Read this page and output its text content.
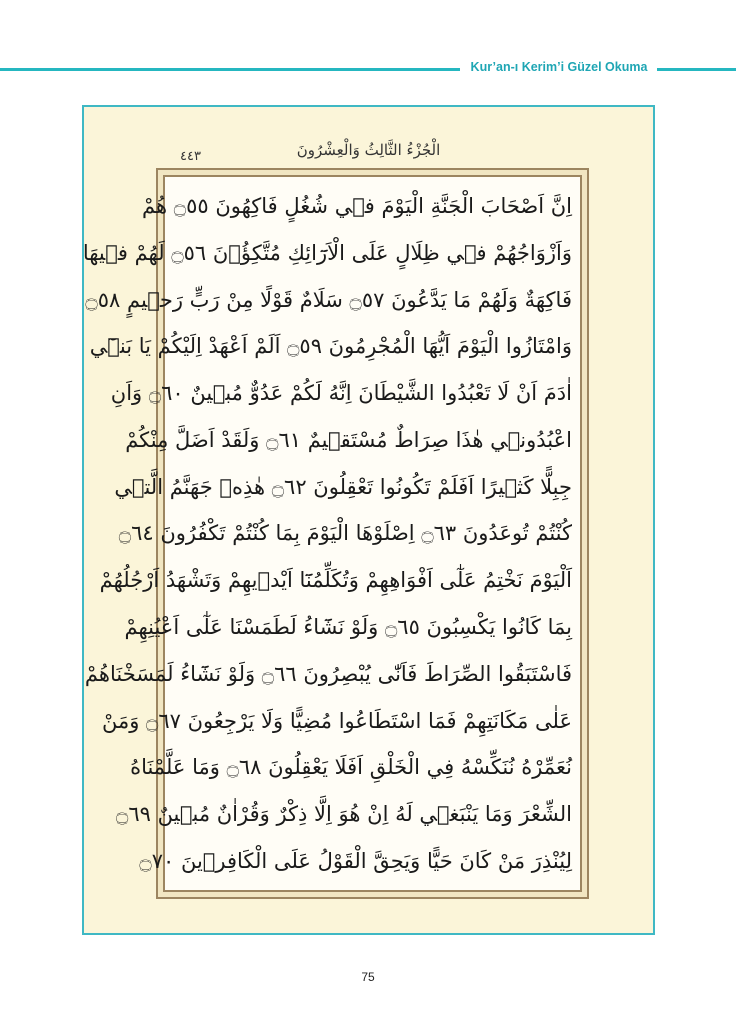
Kur’an-ı Kerim’i Güzel Okuma
الْجُزْءُ الثَّالِثُ وَالْعِشْرُونَ
٤٤٣
اِنَّ اَصْحَابَ الْجَنَّةِ الْيَوْمَ ف۪ي شُغُلٍ فَاكِهُونَ ۝٥٥ هُمْ
وَاَزْوَاجُهُمْ ف۪ي ظِلَالٍ عَلَى الْاَرَٓائِكِ مُتَّكِؤُ۫نَ ۝٥٦ لَهُمْ ف۪يهَا
فَاكِهَةٌ وَلَهُمْ مَا يَدَّعُونَ ۝٥٧ سَلَامٌ قَوْلًا مِنْ رَبٍّ رَح۪يمٍ ۝٥٨
وَامْتَازُوا الْيَوْمَ اَيُّهَا الْمُجْرِمُونَ ۝٥٩ اَلَمْ اَعْهَدْ اِلَيْكُمْ يَا بَن۪ٓي
اٰدَمَ اَنْ لَا تَعْبُدُوا الشَّيْطَانَ اِنَّهُ لَكُمْ عَدُوٌّ مُب۪ينٌ ۝٦٠ وَاَنِ
اعْبُدُون۪ي هٰذَا صِرَاطٌ مُسْتَق۪يمٌ ۝٦١ وَلَقَدْ اَضَلَّ مِنْكُمْ
جِبِلًّا كَث۪يرًا اَفَلَمْ تَكُونُوا تَعْقِلُونَ ۝٦٢ هٰذِه۪ جَهَنَّمُ الَّت۪ي
كُنْتُمْ تُوعَدُونَ ۝٦٣ اِصْلَوْهَا الْيَوْمَ بِمَا كُنْتُمْ تَكْفُرُونَ ۝٦٤
اَلْيَوْمَ نَخْتِمُ عَلٰٓى اَفْوَاهِهِمْ وَتُكَلِّمُنَٓا اَيْد۪يهِمْ وَتَشْهَدُ اَرْجُلُهُمْ
بِمَا كَانُوا يَكْسِبُونَ ۝٦٥ وَلَوْ نَشَٓاءُ لَطَمَسْنَا عَلٰٓى اَعْيُنِهِمْ
فَاسْتَبَقُوا الصِّرَاطَ فَاَنّٰى يُبْصِرُونَ ۝٦٦ وَلَوْ نَشَٓاءُ لَمَسَخْنَاهُمْ
عَلٰى مَكَانَتِهِمْ فَمَا اسْتَطَاعُوا مُضِيًّا وَلَا يَرْجِعُونَ ۝٦٧ وَمَنْ
نُعَمِّرْهُ نُنَكِّسْهُ فِي الْخَلْقِ اَفَلَا يَعْقِلُونَ ۝٦٨ وَمَا عَلَّمْنَاهُ
الشِّعْرَ وَمَا يَنْبَغ۪ي لَهُ اِنْ هُوَ اِلَّا ذِكْرٌ وَقُرْاٰنٌ مُب۪ينٌ ۝٦٩
لِيُنْذِرَ مَنْ كَانَ حَيًّا وَيَحِقَّ الْقَوْلُ عَلَى الْكَافِر۪ينَ ۝٧٠
75
